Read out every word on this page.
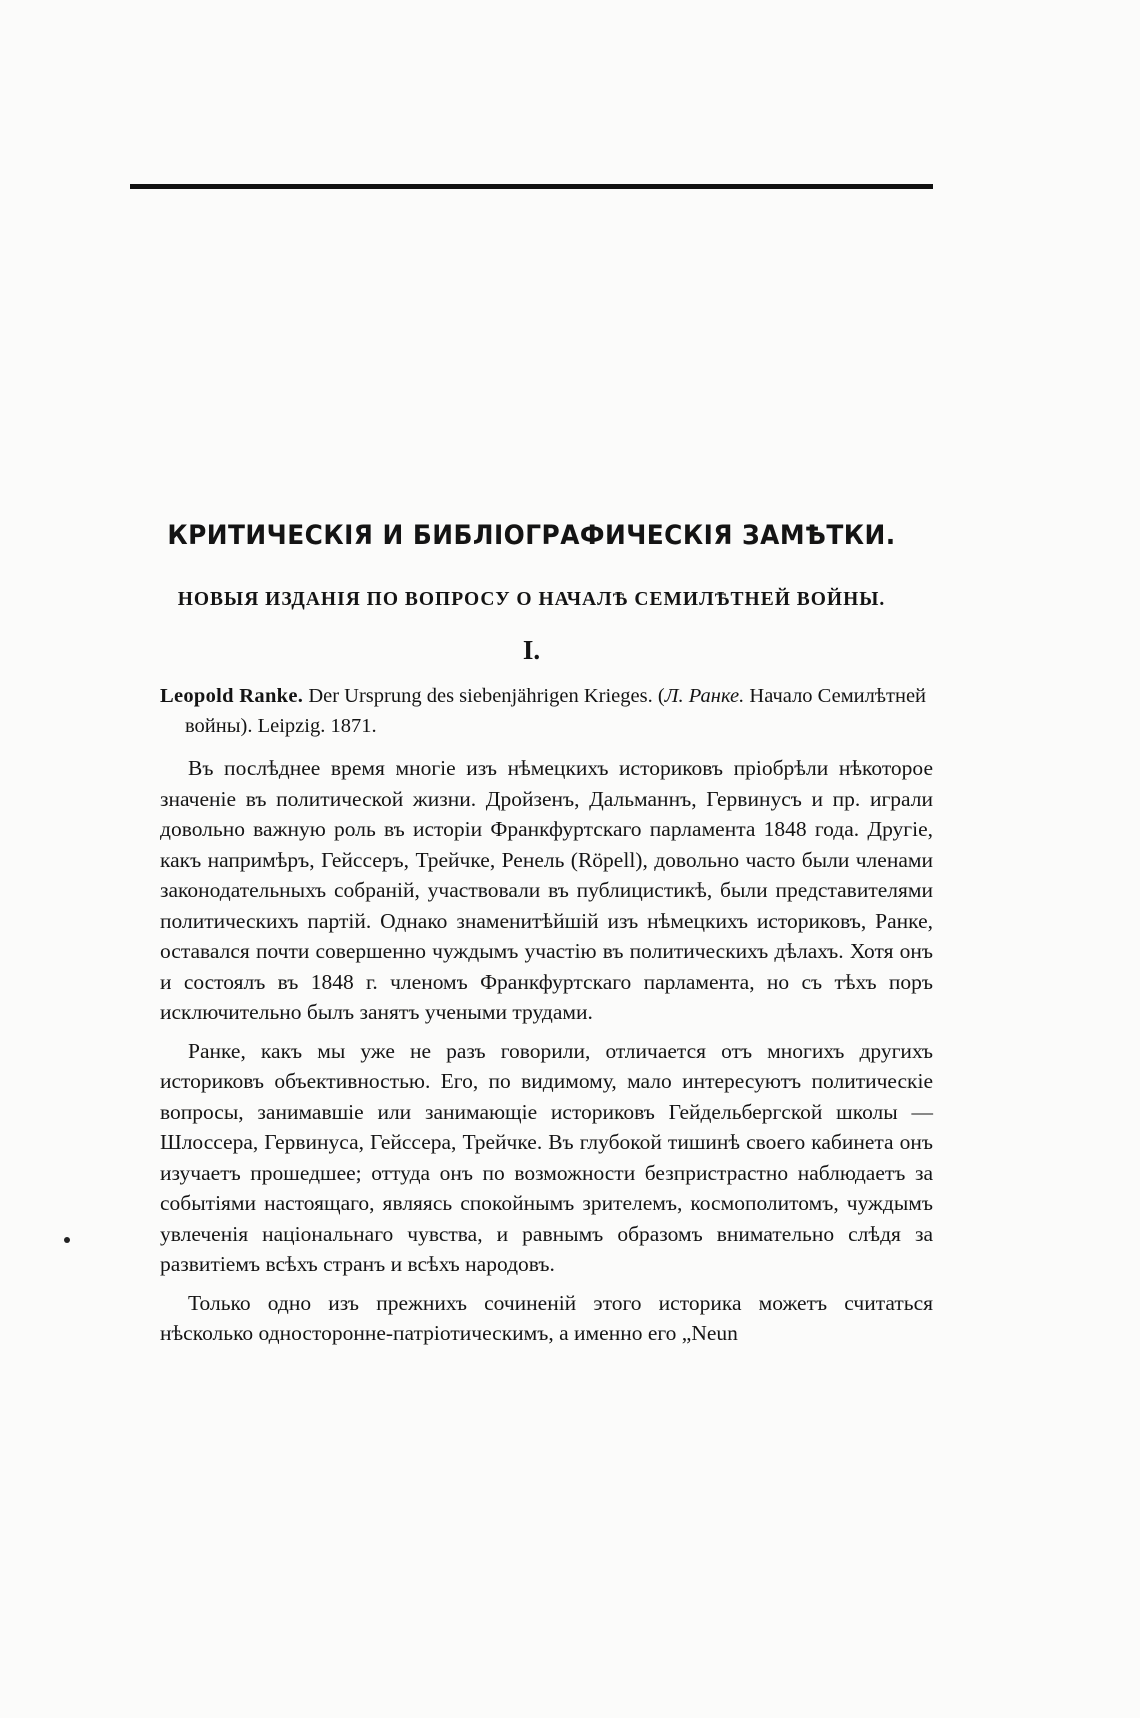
КРИТИЧЕСКІЯ И БИБЛІОГРАФИЧЕСКІЯ ЗАМѢТКИ.
НОВЫЯ ИЗДАНІЯ ПО ВОПРОСУ О НАЧАЛѢ СЕМИЛѢТНЕЙ ВОЙНЫ.
I.

Leopold Ranke. Der Ursprung des siebenjährigen Krieges. (Л. Ранке. Начало Семилѣтней войны). Leipzig. 1871.

Въ послѣднее время многіе изъ нѣмецкихъ историковъ пріобрѣли нѣкоторое значеніе въ политической жизни. Дройзенъ, Дальманнъ, Гервинусъ и пр. играли довольно важную роль въ исторіи Франкфуртскаго парламента 1848 года. Другіе, какъ напримѣръ, Гейссеръ, Трейчке, Ренель (Röpell), довольно часто были членами законодательныхъ собраній, участвовали въ публицистикѣ, были представителями политическихъ партій. Однако знаменитѣйшій изъ нѣмецкихъ историковъ, Ранке, оставался почти совершенно чуждымъ участію въ политическихъ дѣлахъ. Хотя онъ и состоялъ въ 1848 г. членомъ Франкфуртскаго парламента, но съ тѣхъ поръ исключительно былъ занятъ учеными трудами.

Ранке, какъ мы уже не разъ говорили, отличается отъ многихъ другихъ историковъ объективностью. Его, по видимому, мало интересуютъ политическіе вопросы, занимавшіе или занимающіе историковъ Гейдельбергской школы — Шлоссера, Гервинуса, Гейссера, Трейчке. Въ глубокой тишинѣ своего кабинета онъ изучаетъ прошедшее; оттуда онъ по возможности безпристрастно наблюдаетъ за событіями настоящаго, являясь спокойнымъ зрителемъ, космополитомъ, чуждымъ увлеченія національнаго чувства, и равнымъ образомъ внимательно слѣдя за развитіемъ всѣхъ странъ и всѣхъ народовъ.

Только одно изъ прежнихъ сочиненій этого историка можетъ считаться нѣсколько односторонне-патріотическимъ, а именно его „Neun
